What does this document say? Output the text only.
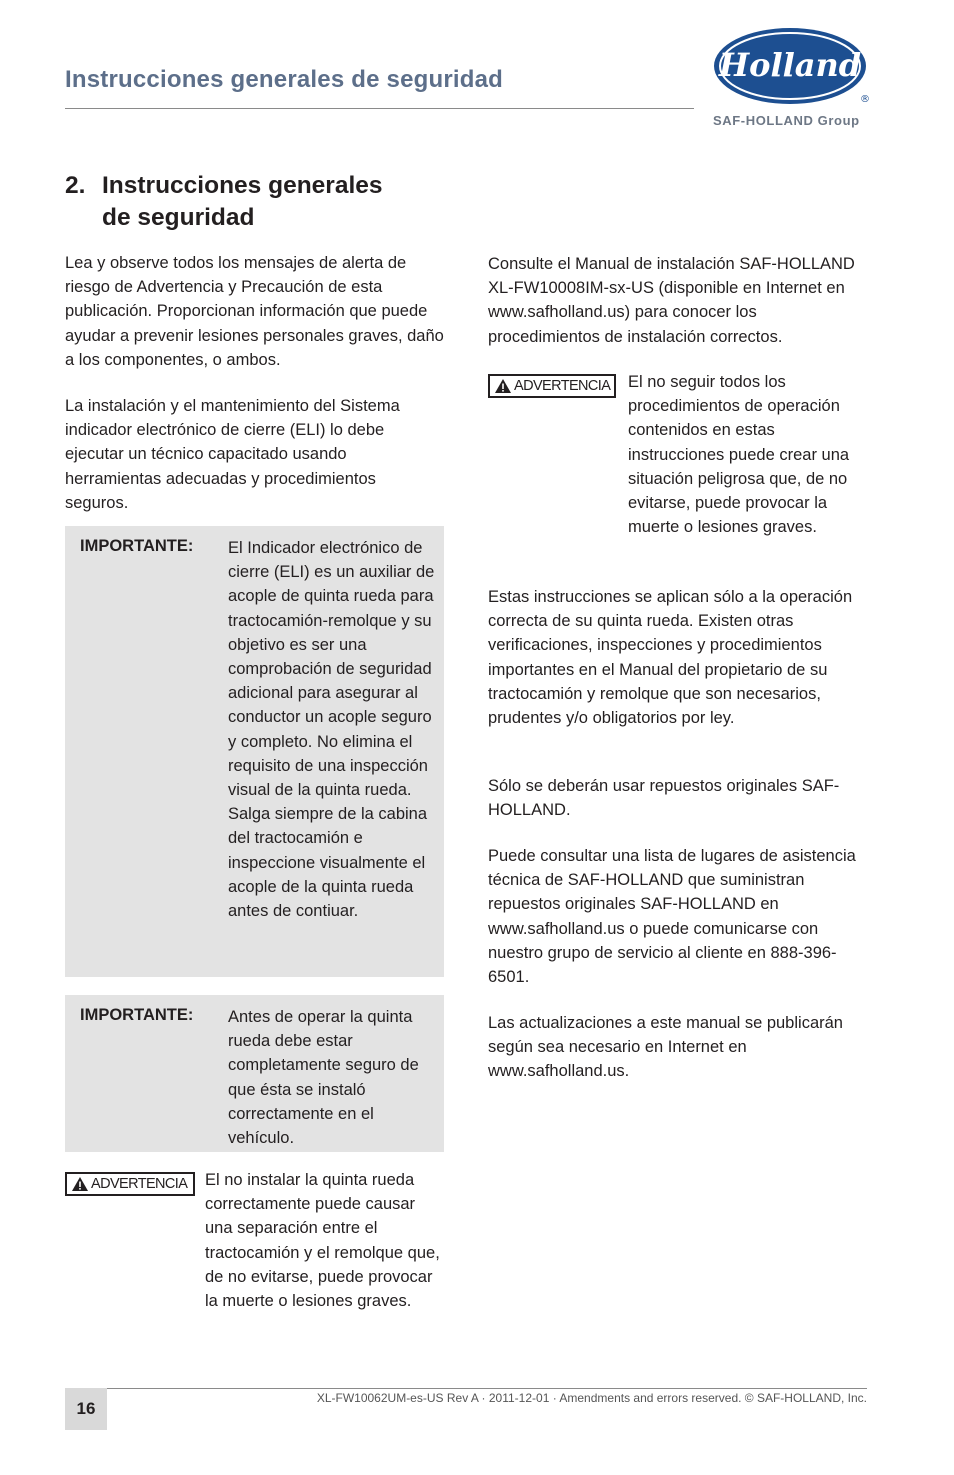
Instrucciones generales de seguridad	Holland
®
SAF-HOLLAND Group
2. Instrucciones generales
de seguridad

Lea y observe todos los mensajes de alerta de riesgo de Advertencia y Precaución de esta publicación. Proporcionan información que puede ayudar a prevenir lesiones personales graves, daño a los componentes, o ambos.

La instalación y el mantenimiento del Sistema indicador electrónico de cierre (ELI) lo debe ejecutar un técnico capacitado usando herramientas adecuadas y procedimientos seguros.

IMPORTANTE: El Indicador electrónico de cierre (ELI) es un auxiliar de acople de quinta rueda para tractocamión-remolque y su objetivo es ser una comprobación de seguridad adicional para asegurar al conductor un acople seguro y completo. No elimina el requisito de una inspección visual de la quinta rueda. Salga siempre de la cabina del tractocamión e inspeccione visualmente el acople de la quinta rueda antes de contiuar.

IMPORTANTE: Antes de operar la quinta rueda debe estar completamente seguro de que ésta se instaló correctamente en el vehículo.

ADVERTENCIA El no instalar la quinta rueda correctamente puede causar una separación entre el tractocamión y el remolque que, de no evitarse, puede provocar la muerte o lesiones graves.

Consulte el Manual de instalación SAF-HOLLAND XL-FW10008IM-sx-US (disponible en Internet en www.safholland.us) para conocer los procedimientos de instalación correctos.

ADVERTENCIA El no seguir todos los procedimientos de operación contenidos en estas instrucciones puede crear una situación peligrosa que, de no evitarse, puede provocar la muerte o lesiones graves.

Estas instrucciones se aplican sólo a la operación correcta de su quinta rueda. Existen otras verificaciones, inspecciones y procedimientos importantes en el Manual del propietario de su tractocamión y remolque que son necesarios, prudentes y/o obligatorios por ley.

Sólo se deberán usar repuestos originales SAF-HOLLAND.

Puede consultar una lista de lugares de asistencia técnica de SAF-HOLLAND que suministran repuestos originales SAF-HOLLAND en www.safholland.us o puede comunicarse con nuestro grupo de servicio al cliente en 888-396-6501.

Las actualizaciones a este manual se publicarán según sea necesario en Internet en www.safholland.us.

16
XL-FW10062UM-es-US Rev A · 2011-12-01 · Amendments and errors reserved. © SAF-HOLLAND, Inc.
